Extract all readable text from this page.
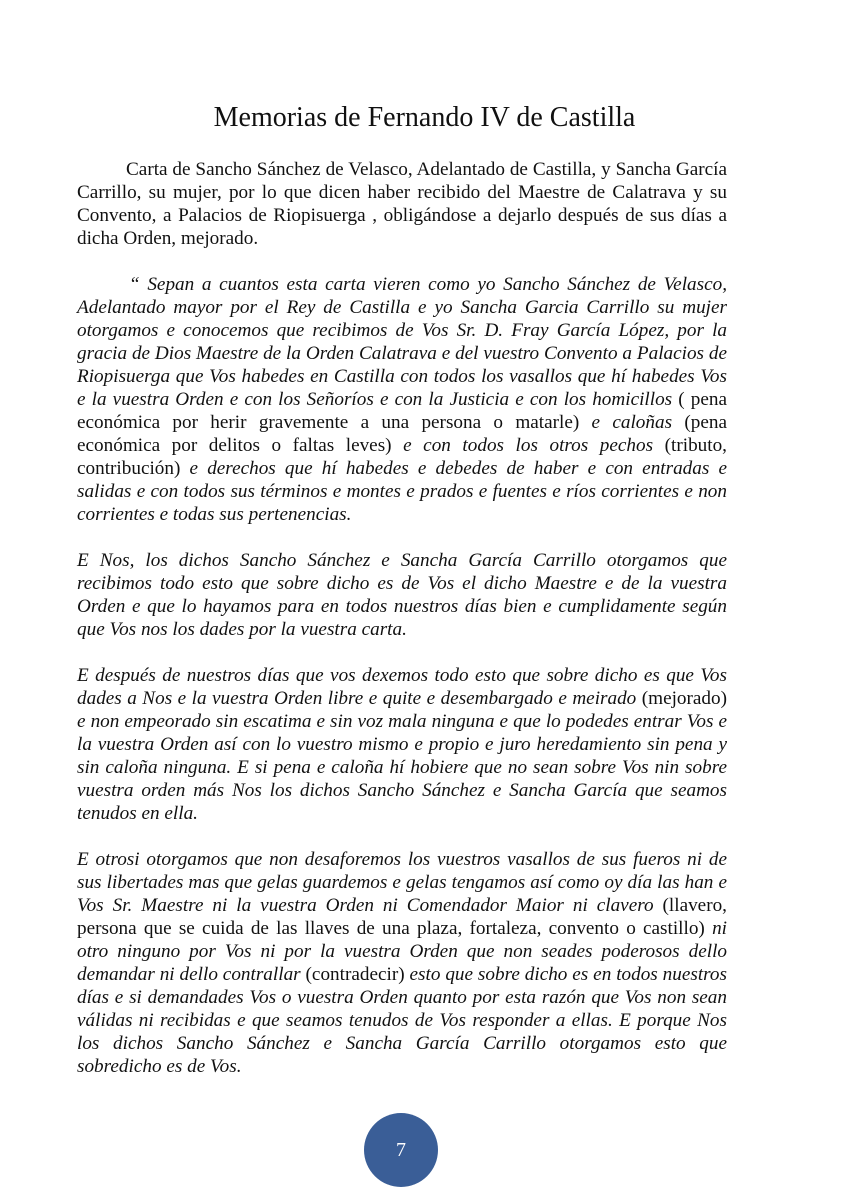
Memorias de Fernando IV de Castilla

Carta de Sancho Sánchez de Velasco, Adelantado de Castilla, y Sancha García Carrillo, su mujer, por lo que dicen haber recibido del Maestre de Calatrava y su Convento, a Palacios de Riopisuerga , obligándose a dejarlo después de sus días a dicha Orden, mejorado.

“ Sepan a cuantos esta carta vieren como yo Sancho Sánchez de Velasco, Adelantado mayor por el Rey de Castilla e yo Sancha Garcia Carrillo su mujer otorgamos e conocemos que recibimos de Vos Sr. D. Fray García López, por la gracia de Dios Maestre de la Orden Calatrava e del vuestro Convento a Palacios de Riopisuerga que Vos habedes en Castilla con todos los vasallos que hí habedes Vos e la vuestra Orden e con los Señoríos e con la Justicia e con los homicillos ( pena económica por herir gravemente a una persona o matarle) e caloñas (pena económica por delitos o faltas leves) e con todos los otros pechos (tributo, contribución) e derechos que hí habedes e debedes de haber e con entradas e salidas e con todos sus términos e montes e prados e fuentes e ríos corrientes e non corrientes e todas sus pertenencias.

E Nos, los dichos Sancho Sánchez e Sancha García Carrillo otorgamos que recibimos todo esto que sobre dicho es de Vos el dicho Maestre e de la vuestra Orden e que lo hayamos para en todos nuestros días bien e cumplidamente según que Vos nos los dades por la vuestra carta.

E después de nuestros días que vos dexemos todo esto que sobre dicho es que Vos dades a Nos e la vuestra Orden libre e quite e desembargado e meirado (mejorado) e non empeorado sin escatima e sin voz mala ninguna e que lo podedes entrar Vos e la vuestra Orden así con lo vuestro mismo e propio e juro heredamiento sin pena y sin caloña ninguna. E si pena e caloña hí hobiere que no sean sobre Vos nin sobre vuestra orden más Nos los dichos Sancho Sánchez e Sancha García que seamos tenudos en ella.

E otrosi otorgamos que non desaforemos los vuestros vasallos de sus fueros ni de sus libertades mas que gelas guardemos e gelas tengamos así como oy día las han e Vos Sr. Maestre ni la vuestra Orden ni Comendador Maior ni clavero (llavero, persona que se cuida de las llaves de una plaza, fortaleza, convento o castillo) ni otro ninguno por Vos ni por la vuestra Orden que non seades poderosos dello demandar ni dello contrallar (contradecir) esto que sobre dicho es en todos nuestros días e si demandades Vos o vuestra Orden quanto por esta razón que Vos non sean válidas ni recibidas e que seamos tenudos de Vos responder a ellas. E porque Nos los dichos Sancho Sánchez e Sancha García Carrillo otorgamos esto que sobredicho es de Vos.

7
